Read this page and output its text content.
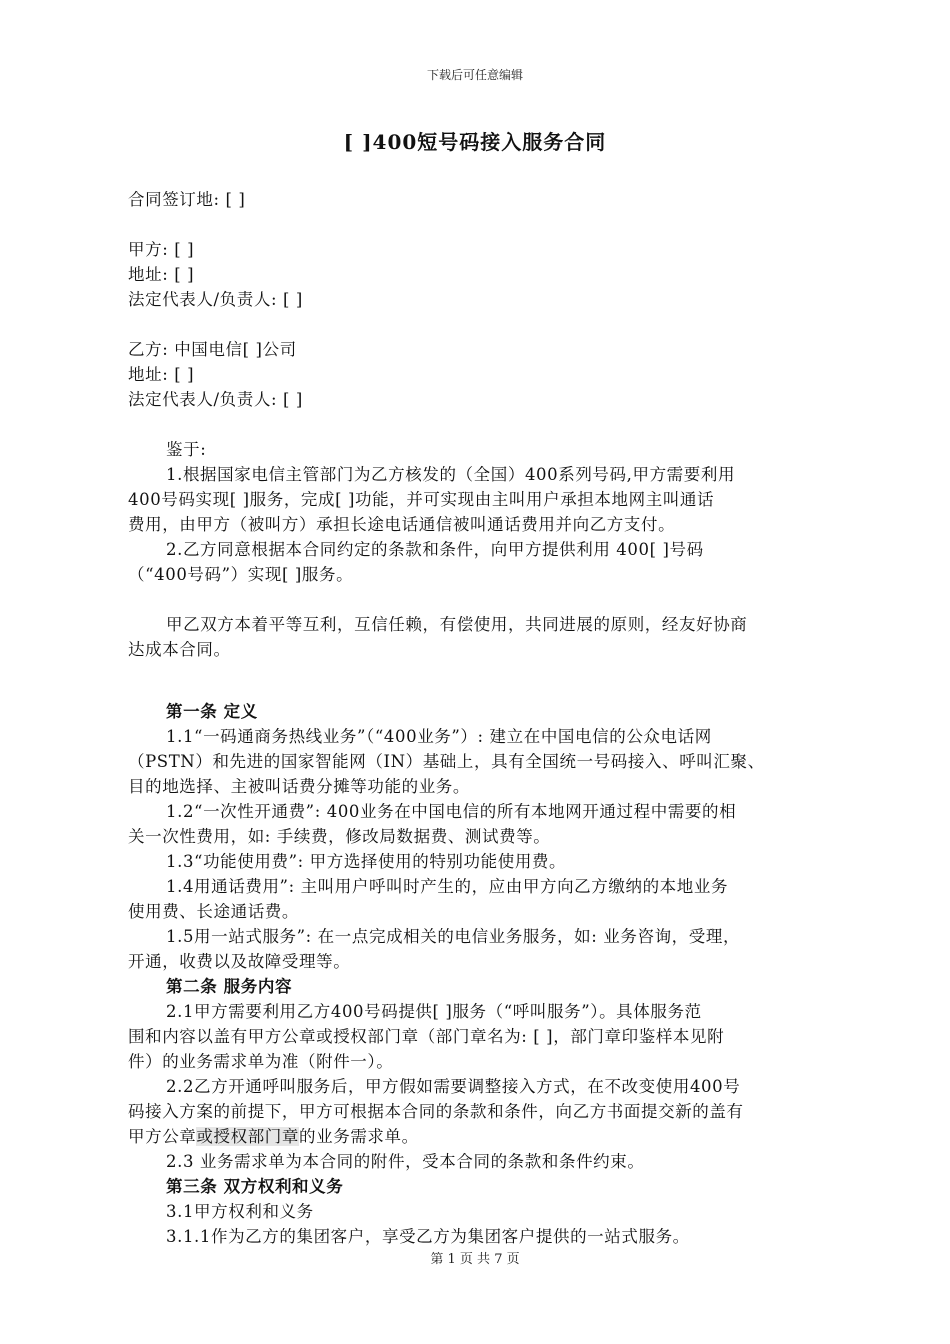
下载后可任意编辑
[ ]400短号码接入服务合同
合同签订地: [ ]
甲方: [ ]
地址: [ ]
法定代表人/负责人: [ ]
乙方: 中国电信[ ]公司
地址: [ ]
法定代表人/负责人: [ ]
鉴于:
1.根据国家电信主管部门为乙方核发的（全国）400系列号码,甲方需要利用
400号码实现[ ]服务，完成[ ]功能，并可实现由主叫用户承担本地网主叫通话
费用，由甲方（被叫方）承担长途电话通信被叫通话费用并向乙方支付。
2.乙方同意根据本合同约定的条款和条件，向甲方提供利用 400[ ]号码
（“400号码”）实现[ ]服务。
甲乙双方本着平等互利，互信任赖，有偿使用，共同进展的原则，经友好协商
达成本合同。
第一条 定义
1.1“一码通商务热线业务”（“400业务”）: 建立在中国电信的公众电话网
（PSTN）和先进的国家智能网（IN）基础上，具有全国统一号码接入、呼叫汇聚、
目的地选择、主被叫话费分摊等功能的业务。
1.2“一次性开通费”: 400业务在中国电信的所有本地网开通过程中需要的相
关一次性费用，如: 手续费，修改局数据费、测试费等。
1.3“功能使用费”: 甲方选择使用的特别功能使用费。
1.4用通话费用”: 主叫用户呼叫时产生的，应由甲方向乙方缴纳的本地业务
使用费、长途通话费。
1.5用一站式服务”: 在一点完成相关的电信业务服务，如: 业务咨询，受理，
开通，收费以及故障受理等。
第二条 服务内容
2.1甲方需要利用乙方400号码提供[ ]服务（“呼叫服务”）。具体服务范
围和内容以盖有甲方公章或授权部门章（部门章名为: [ ]，部门章印鉴样本见附
件）的业务需求单为准（附件一）。
2.2乙方开通呼叫服务后，甲方假如需要调整接入方式，在不改变使用400号
码接入方案的前提下，甲方可根据本合同的条款和条件，向乙方书面提交新的盖有
甲方公章或授权部门章的业务需求单。
2.3 业务需求单为本合同的附件，受本合同的条款和条件约束。
第三条 双方权利和义务
3.1甲方权利和义务
3.1.1作为乙方的集团客户，享受乙方为集团客户提供的一站式服务。
第 1 页 共 7 页
